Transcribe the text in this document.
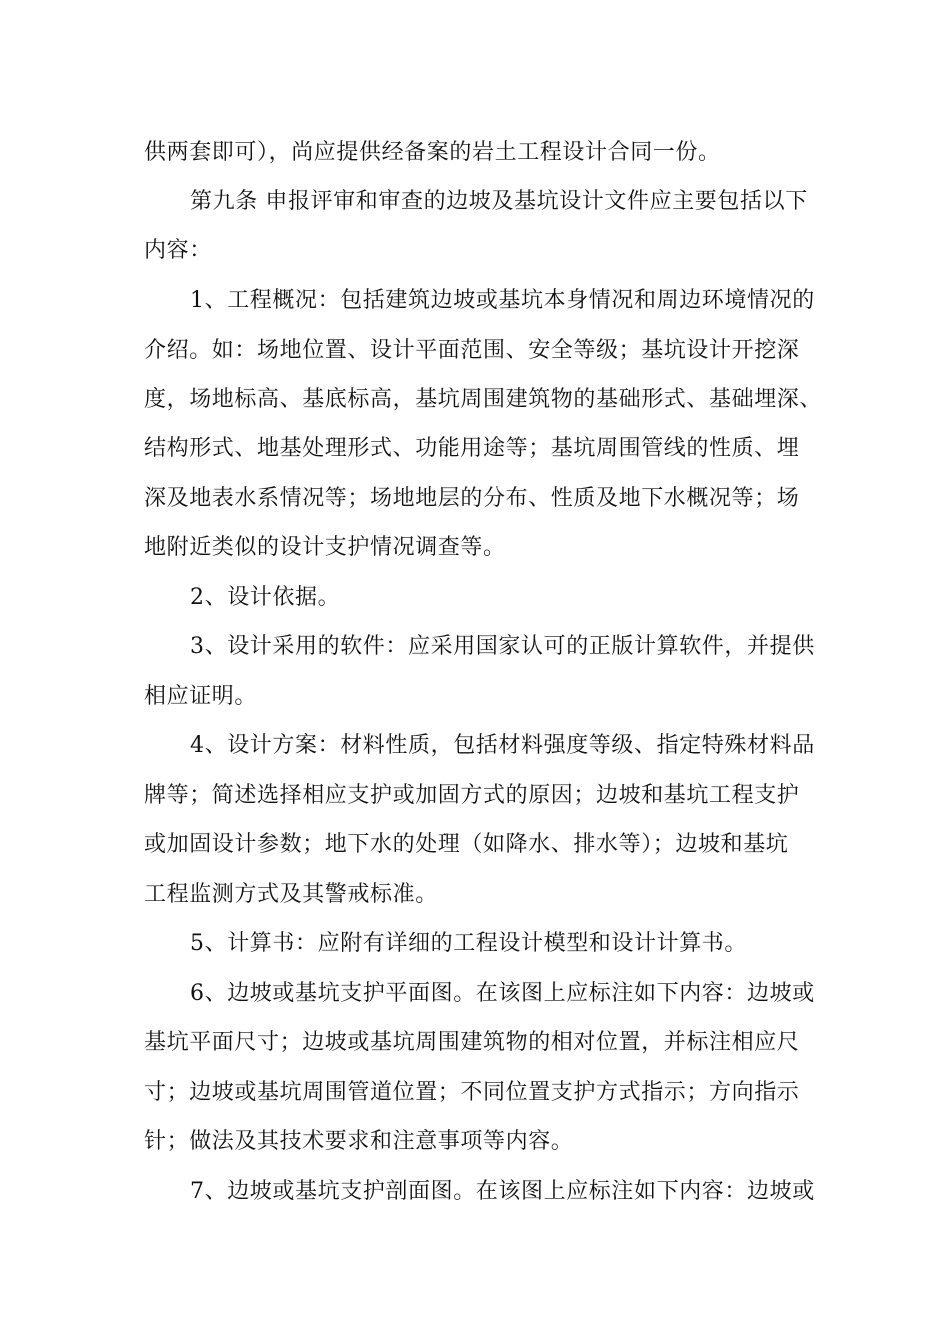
供两套即可），尚应提供经备案的岩土工程设计合同一份。
第九条 申报评审和审查的边坡及基坑设计文件应主要包括以下
内容：
1、工程概况：包括建筑边坡或基坑本身情况和周边环境情况的
介绍。如：场地位置、设计平面范围、安全等级；基坑设计开挖深
度，场地标高、基底标高，基坑周围建筑物的基础形式、基础埋深、
结构形式、地基处理形式、功能用途等；基坑周围管线的性质、埋
深及地表水系情况等；场地地层的分布、性质及地下水概况等；场
地附近类似的设计支护情况调查等。
2、设计依据。
3、设计采用的软件：应采用国家认可的正版计算软件，并提供
相应证明。
4、设计方案：材料性质，包括材料强度等级、指定特殊材料品
牌等；简述选择相应支护或加固方式的原因；边坡和基坑工程支护
或加固设计参数；地下水的处理（如降水、排水等）；边坡和基坑
工程监测方式及其警戒标准。
5、计算书：应附有详细的工程设计模型和设计计算书。
6、边坡或基坑支护平面图。在该图上应标注如下内容：边坡或
基坑平面尺寸；边坡或基坑周围建筑物的相对位置，并标注相应尺
寸；边坡或基坑周围管道位置；不同位置支护方式指示；方向指示
针；做法及其技术要求和注意事项等内容。
7、边坡或基坑支护剖面图。在该图上应标注如下内容：边坡或
